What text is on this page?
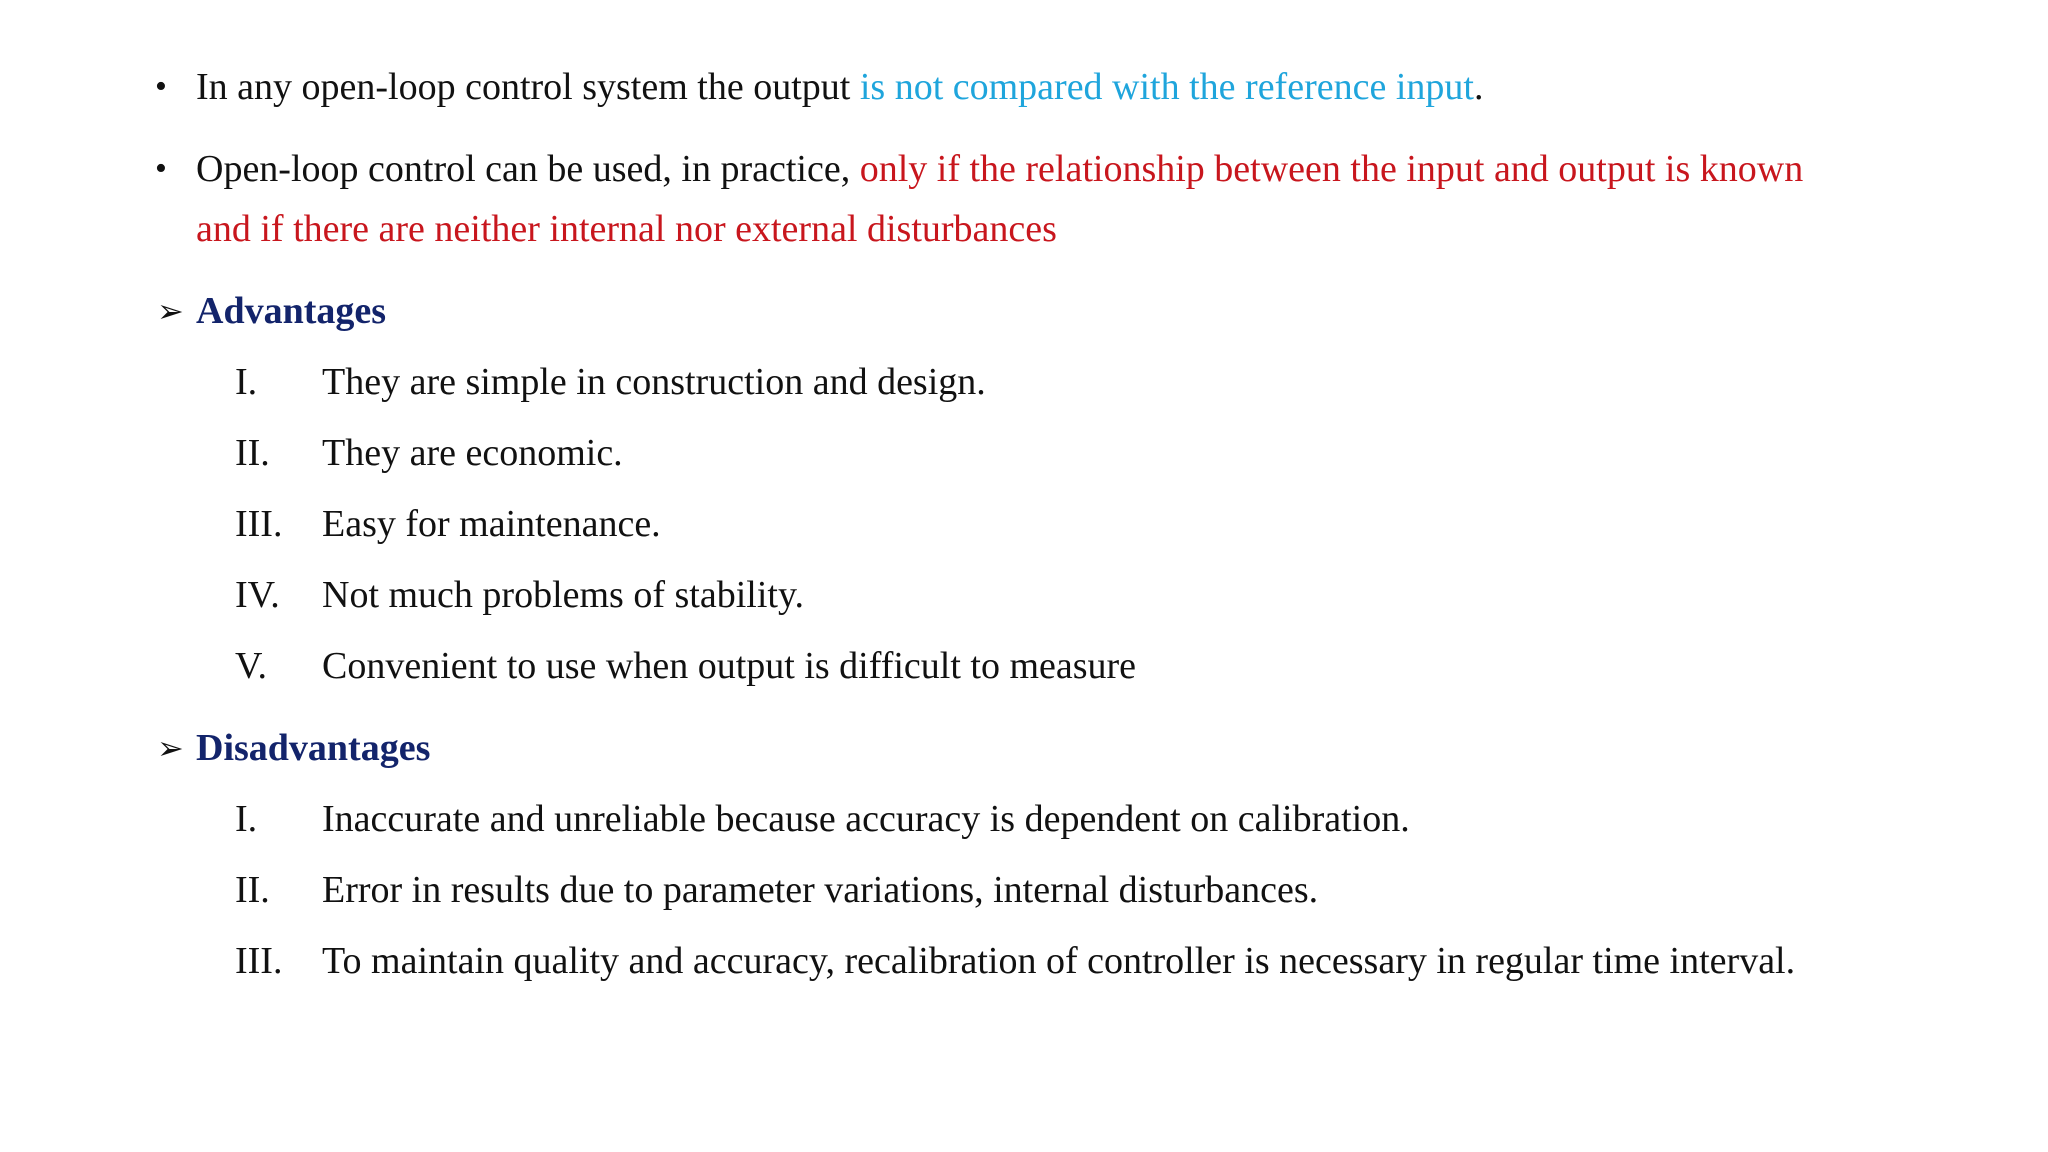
• In any open-loop control system the output is not compared with the reference input.
• Open-loop control can be used, in practice, only if the relationship between the input and output is known
and if there are neither internal nor external disturbances
➢ Advantages
I. They are simple in construction and design.
II. They are economic.
III. Easy for maintenance.
IV. Not much problems of stability.
V. Convenient to use when output is difficult to measure
➢ Disadvantages
I. Inaccurate and unreliable because accuracy is dependent on calibration.
II. Error in results due to parameter variations, internal disturbances.
III. To maintain quality and accuracy, recalibration of controller is necessary in regular time interval.
